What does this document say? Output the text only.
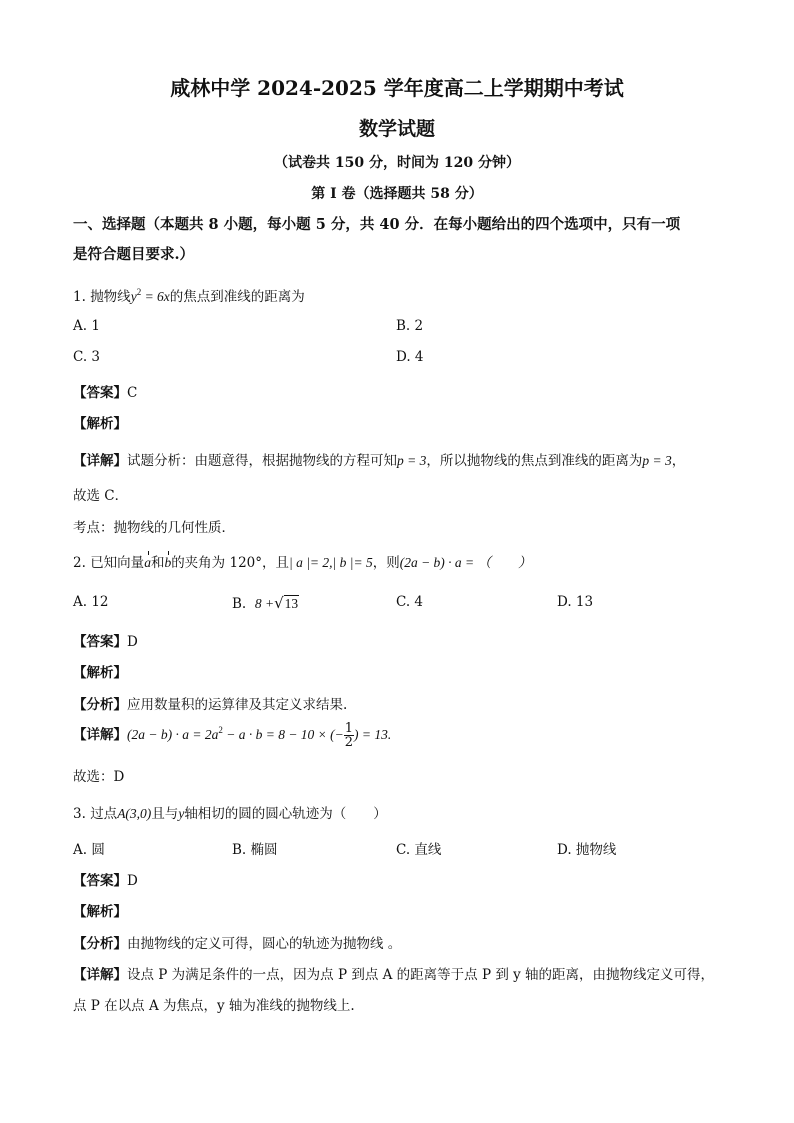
咸林中学 2024-2025 学年度高二上学期期中考试
数学试题
（试卷共 150 分，时间为 120 分钟）
第 I 卷（选择题共 58 分）
一、选择题（本题共 8 小题，每小题 5 分，共 40 分．在每小题给出的四个选项中，只有一项
是符合题目要求.）
1. 抛物线$y^2 = 6x$的焦点到准线的距离为
A. 1	B. 2
C. 3	D. 4
【答案】C
【解析】
【详解】试题分析：由题意得，根据抛物线的方程可知p = 3，所以抛物线的焦点到准线的距离为p = 3，
故选 C．
考点：抛物线的几何性质．
2. 已知向量a和b的夹角为 120°，且| a |= 2,| b |= 5，则(2a − b) · a = （　　）
A. 12	B. 8 +√13	C. 4	D. 13
【答案】D
【解析】
【分析】应用数量积的运算律及其定义求结果.
【详解】$(2a - b) \cdot a = 2a^2 - a \cdot b = 8 - 10$ × (− $\frac{1}{2}$ ) = 13.
故选：D
3. 过点A(3,0)且与y轴相切的圆的圆心轨迹为（　　）
A. 圆	B. 椭圆	C. 直线	D. 抛物线
【答案】D
【解析】
【分析】由抛物线的定义可得，圆心的轨迹为抛物线 。
【详解】设点 P 为满足条件的一点，因为点 P 到点 A 的距离等于点 P 到 y 轴的距离，由抛物线定义可得，
点 P 在以点 A 为焦点，y 轴为准线的抛物线上.
